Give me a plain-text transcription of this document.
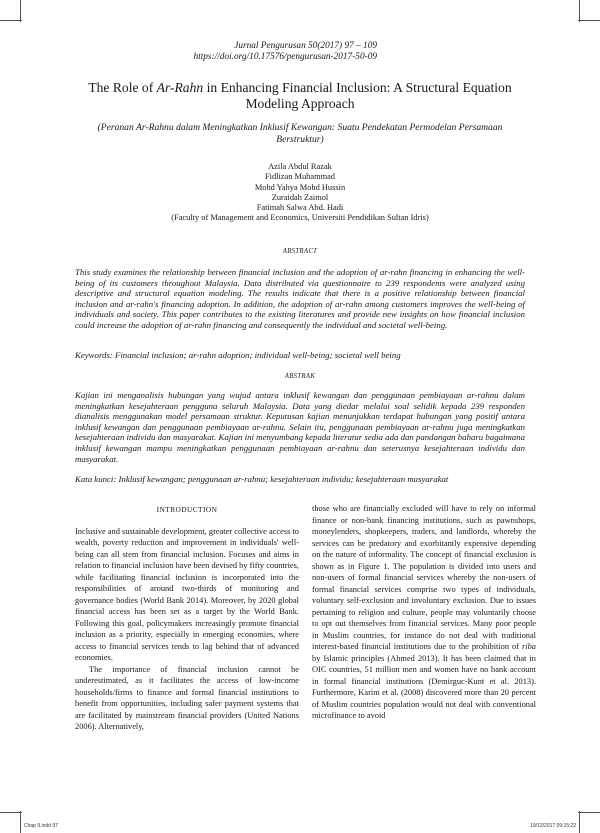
Jurnal Pengurusan 50(2017) 97 – 109
https://doi.org/10.17576/pengurusan-2017-50-09
The Role of Ar-Rahn in Enhancing Financial Inclusion: A Structural Equation Modeling Approach
(Peranan Ar-Rahnu dalam Meningkatkan Inklusif Kewangan: Suatu Pendekatan Permodelan Persamaan Berstruktur)
Azila Abdul Razak
Fidlizan Muhammad
Mohd Yahya Mohd Hussin
Zuraidah Zaimol
Fatimah Salwa Abd. Hadi
(Faculty of Management and Economics, Universiti Pendidikan Sultan Idris)
ABSTRACT
This study examines the relationship between financial inclusion and the adoption of ar-rahn financing in enhancing the well-being of its customers throughout Malaysia. Data distributed via questionnaire to 239 respondents were analyzed using descriptive and structural equation modeling. The results indicate that there is a positive relationship between financial inclusion and ar-rahn's financing adoption. In addition, the adoption of ar-rahn among customers improves the well-being of individuals and society. This paper contributes to the existing literatures and provide new insights on how financial inclusion could increase the adoption of ar-rahn financing and consequently the individual and societal well-being.
Keywords: Financial inclusion; ar-rahn adoption; individual well-being; societal well being
ABSTRAK
Kajian ini menganalisis hubungan yang wujud antara inklusif kewangan dan penggunaan pembiayaan ar-rahnu dalam meningkatkan kesejahteraan pengguna seluruh Malaysia. Data yang diedar melalui soal selidik kepada 239 responden dianalisis menggunakan model persamaan struktur. Keputusan kajian menunjukkan terdapat hubungan yang positif antara inklusif kewangan dan penggunaan pembiayaan ar-rahnu. Selain itu, penggunaan pembiayaan ar-rahnu juga meningkatkan kesejahteraan individu dan masyarakat. Kajian ini menyumbang kepada literatur sedia ada dan pandangan baharu bagaimana inklusif kewangan mampu meningkatkan penggunaan pembiayaan ar-rahnu dan seterusnya kesejahteraan individu dan masyarakat.
Kata kunci: Inklusif kewangan; penggunaan ar-rahnu; kesejahteraan individu; kesejahteraan masyarakat
INTRODUCTION

Inclusive and sustainable development, greater collective access to wealth, poverty reduction and improvement in individuals' well-being can all stem from financial inclusion. Focuses and aims in relation to financial inclusion have been devised by fifty countries, while facilitating financial inclusion is incorporated into the responsibilities of around two-thirds of monitoring and governance bodies (World Bank 2014). Moreover, by 2020 global financial access has been set as a target by the World Bank. Following this goal, policymakers increasingly promote financial inclusion as a priority, especially in emerging economies, where access to financial services tends to lag behind that of advanced economies.

The importance of financial inclusion cannot be underestimated, as it facilitates the access of low-income households/firms to finance and formal financial institutions to benefit from opportunities, including safer payment systems that are facilitated by mainstream financial providers (United Nations 2006). Alternatively,

those who are financially excluded will have to rely on informal finance or non-bank financing institutions, such as pawnshops, moneylenders, shopkeepers, traders, and landlords, whereby the services can be predatory and exorbitantly expensive depending on the nature of informality. The concept of financial exclusion is shown as in Figure 1. The population is divided into users and non-users of formal financial services whereby the non-users of formal financial services comprise two types of individuals, voluntary self-exclusion and involuntary exclusion. Due to issues pertaining to religion and culture, people may voluntarily choose to opt out themselves from financial services. Many poor people in Muslim countries, for instance do not deal with traditional interest-based financial institutions due to the prohibition of riba by Islamic principles (Ahmed 2013). It has been claimed that in OIC countries, 51 million men and women have no bank account in formal financial institutions (Demirguc-Kunt et al. 2013). Furthermore, Karim et al. (2008) discovered more than 20 percent of Muslim countries population would not deal with conventional microfinance to avoid

Chap 9.indd 97	19/12/2017 09:15:22
